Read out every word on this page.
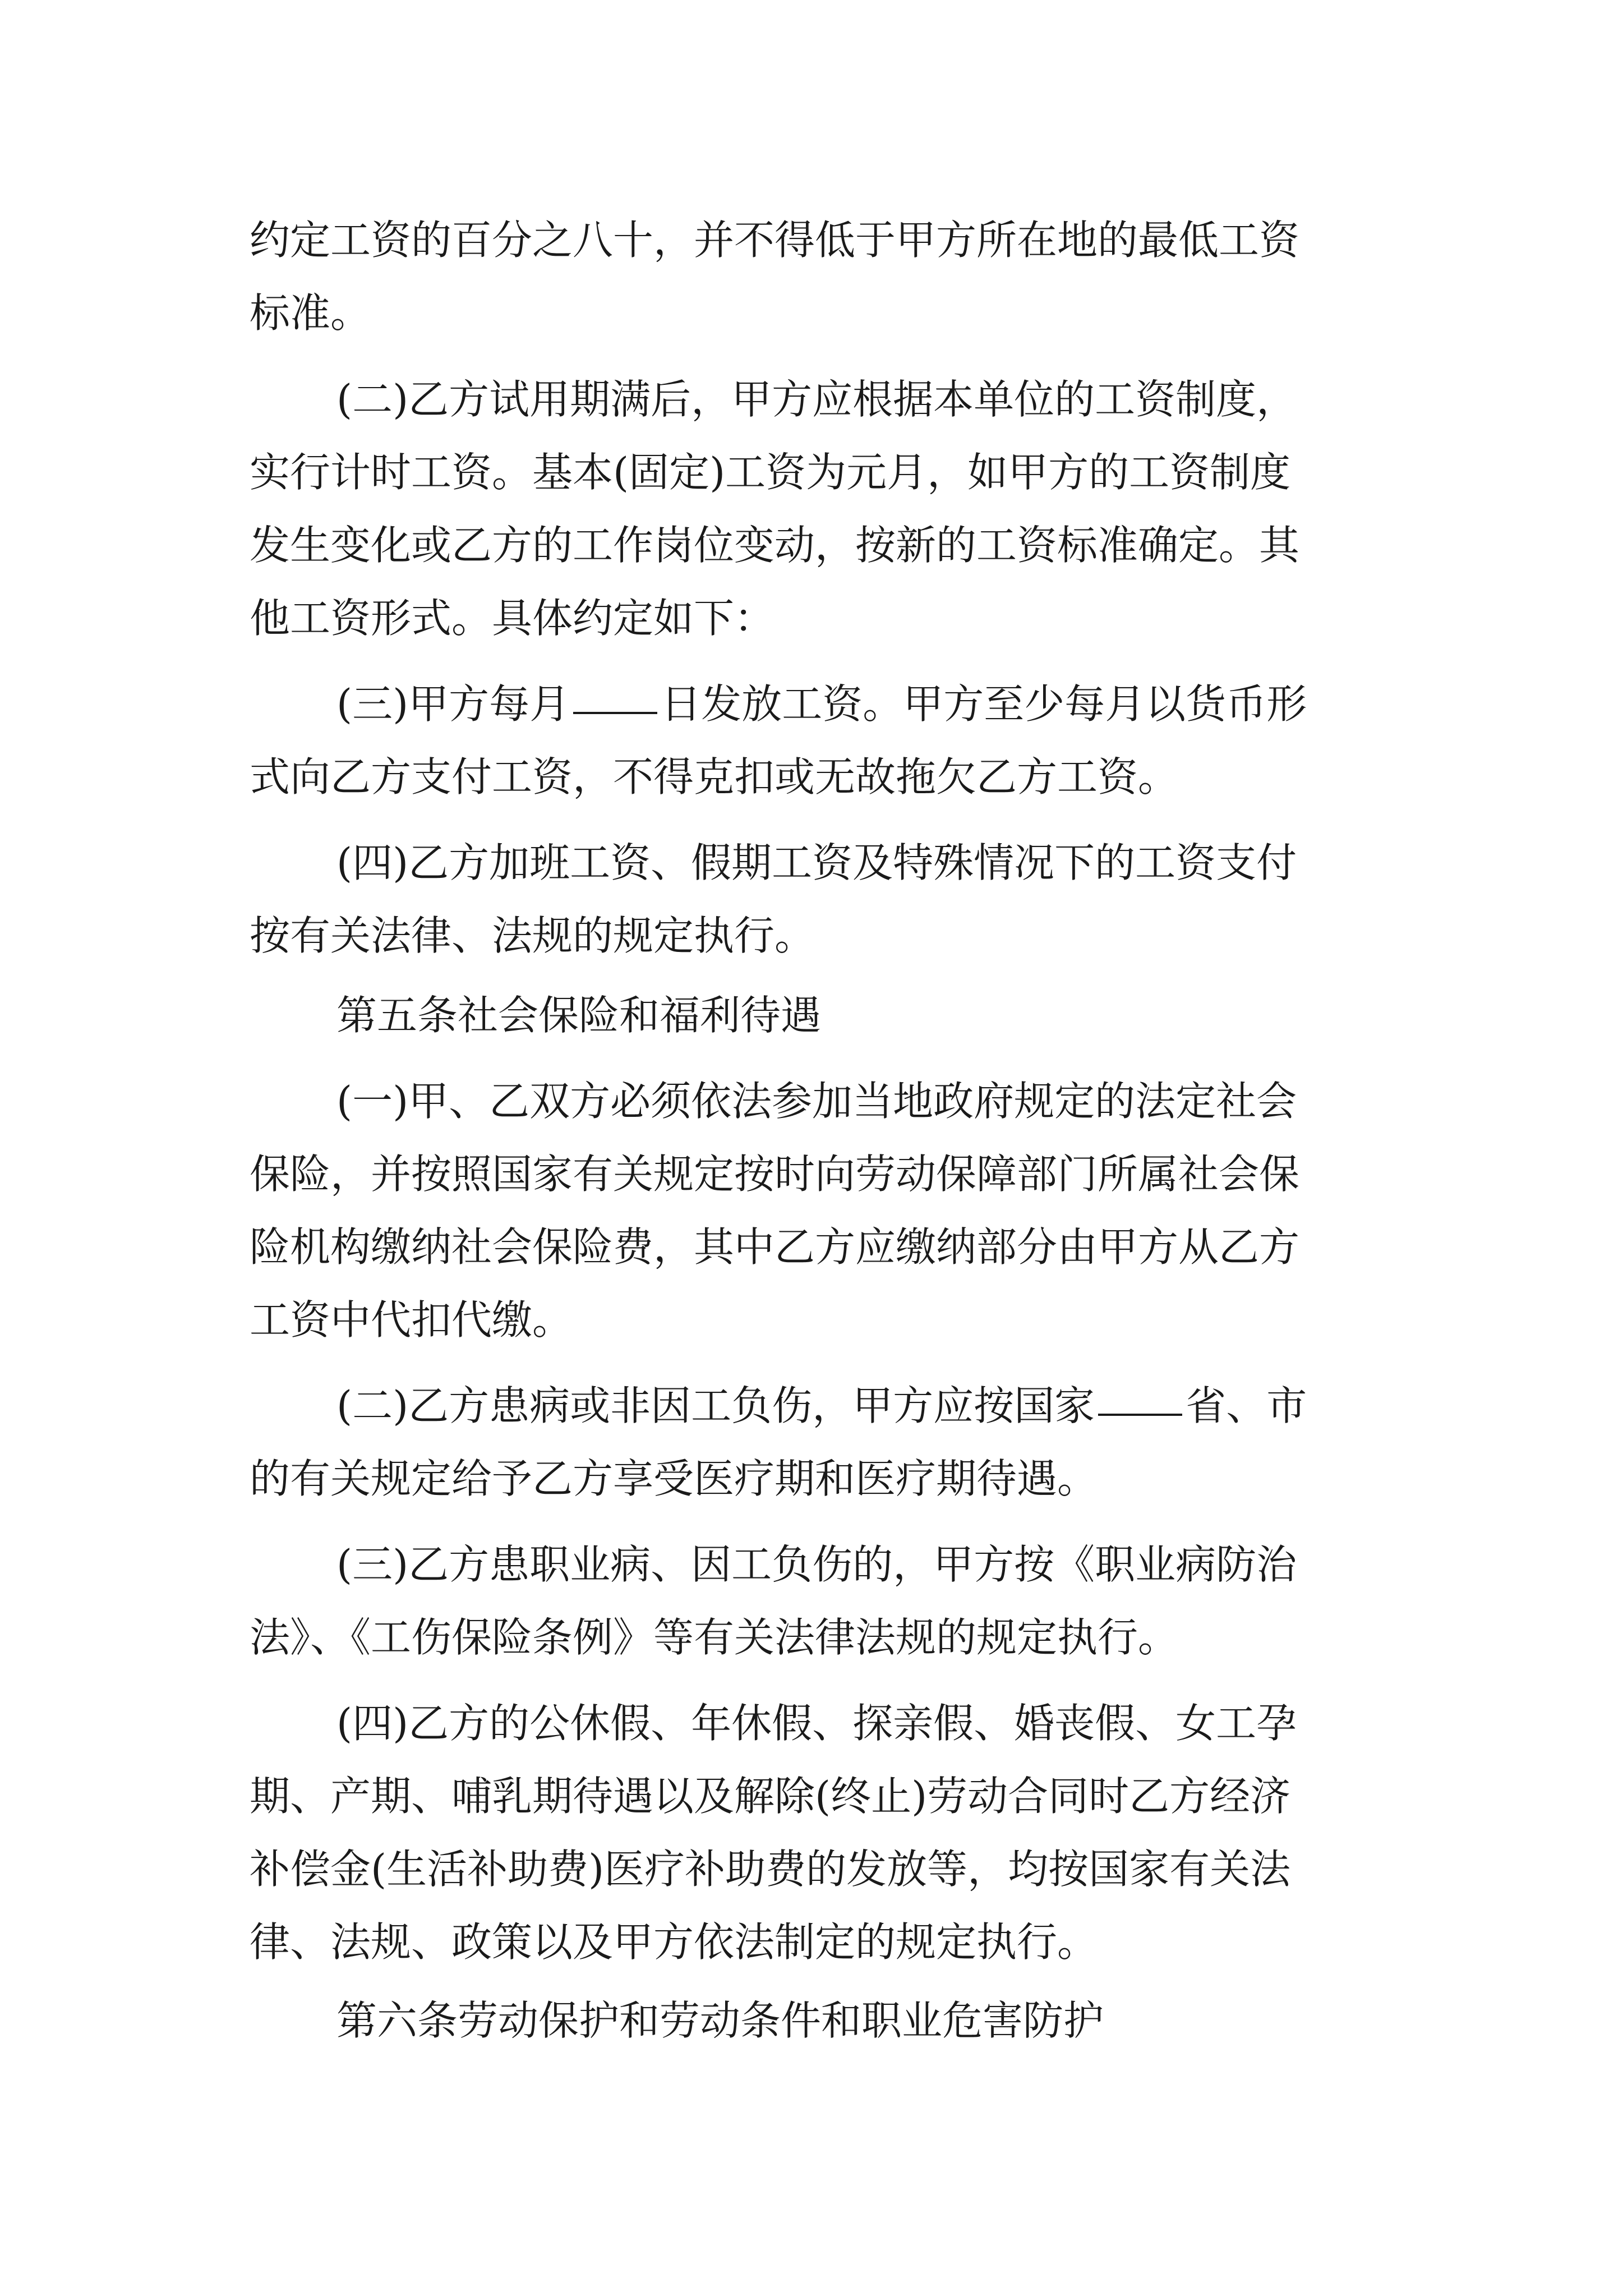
约定工资的百分之八十，并不得低于甲方所在地的最低工资

标准。

(二)乙方试用期满后，甲方应根据本单位的工资制度，

实行计时工资。基本(固定)工资为元月，如甲方的工资制度

发生变化或乙方的工作岗位变动，按新的工资标准确定。其

他工资形式。具体约定如下：

(三)甲方每月 日发放工资。甲方至少每月以货币形

式向乙方支付工资，不得克扣或无故拖欠乙方工资。

(四)乙方加班工资、假期工资及特殊情况下的工资支付

按有关法律、法规的规定执行。

第五条社会保险和福利待遇

(一)甲、乙双方必须依法参加当地政府规定的法定社会

保险，并按照国家有关规定按时向劳动保障部门所属社会保

险机构缴纳社会保险费，其中乙方应缴纳部分由甲方从乙方

工资中代扣代缴。

(二)乙方患病或非因工负伤，甲方应按国家 省、市

的有关规定给予乙方享受医疗期和医疗期待遇。

(三)乙方患职业病、因工负伤的，甲方按《职业病防治

法》、《工伤保险条例》等有关法律法规的规定执行。

(四)乙方的公休假、年休假、探亲假、婚丧假、女工孕

期、产期、哺乳期待遇以及解除(终止)劳动合同时乙方经济

补偿金(生活补助费)医疗补助费的发放等，均按国家有关法

律、法规、政策以及甲方依法制定的规定执行。

第六条劳动保护和劳动条件和职业危害防护
